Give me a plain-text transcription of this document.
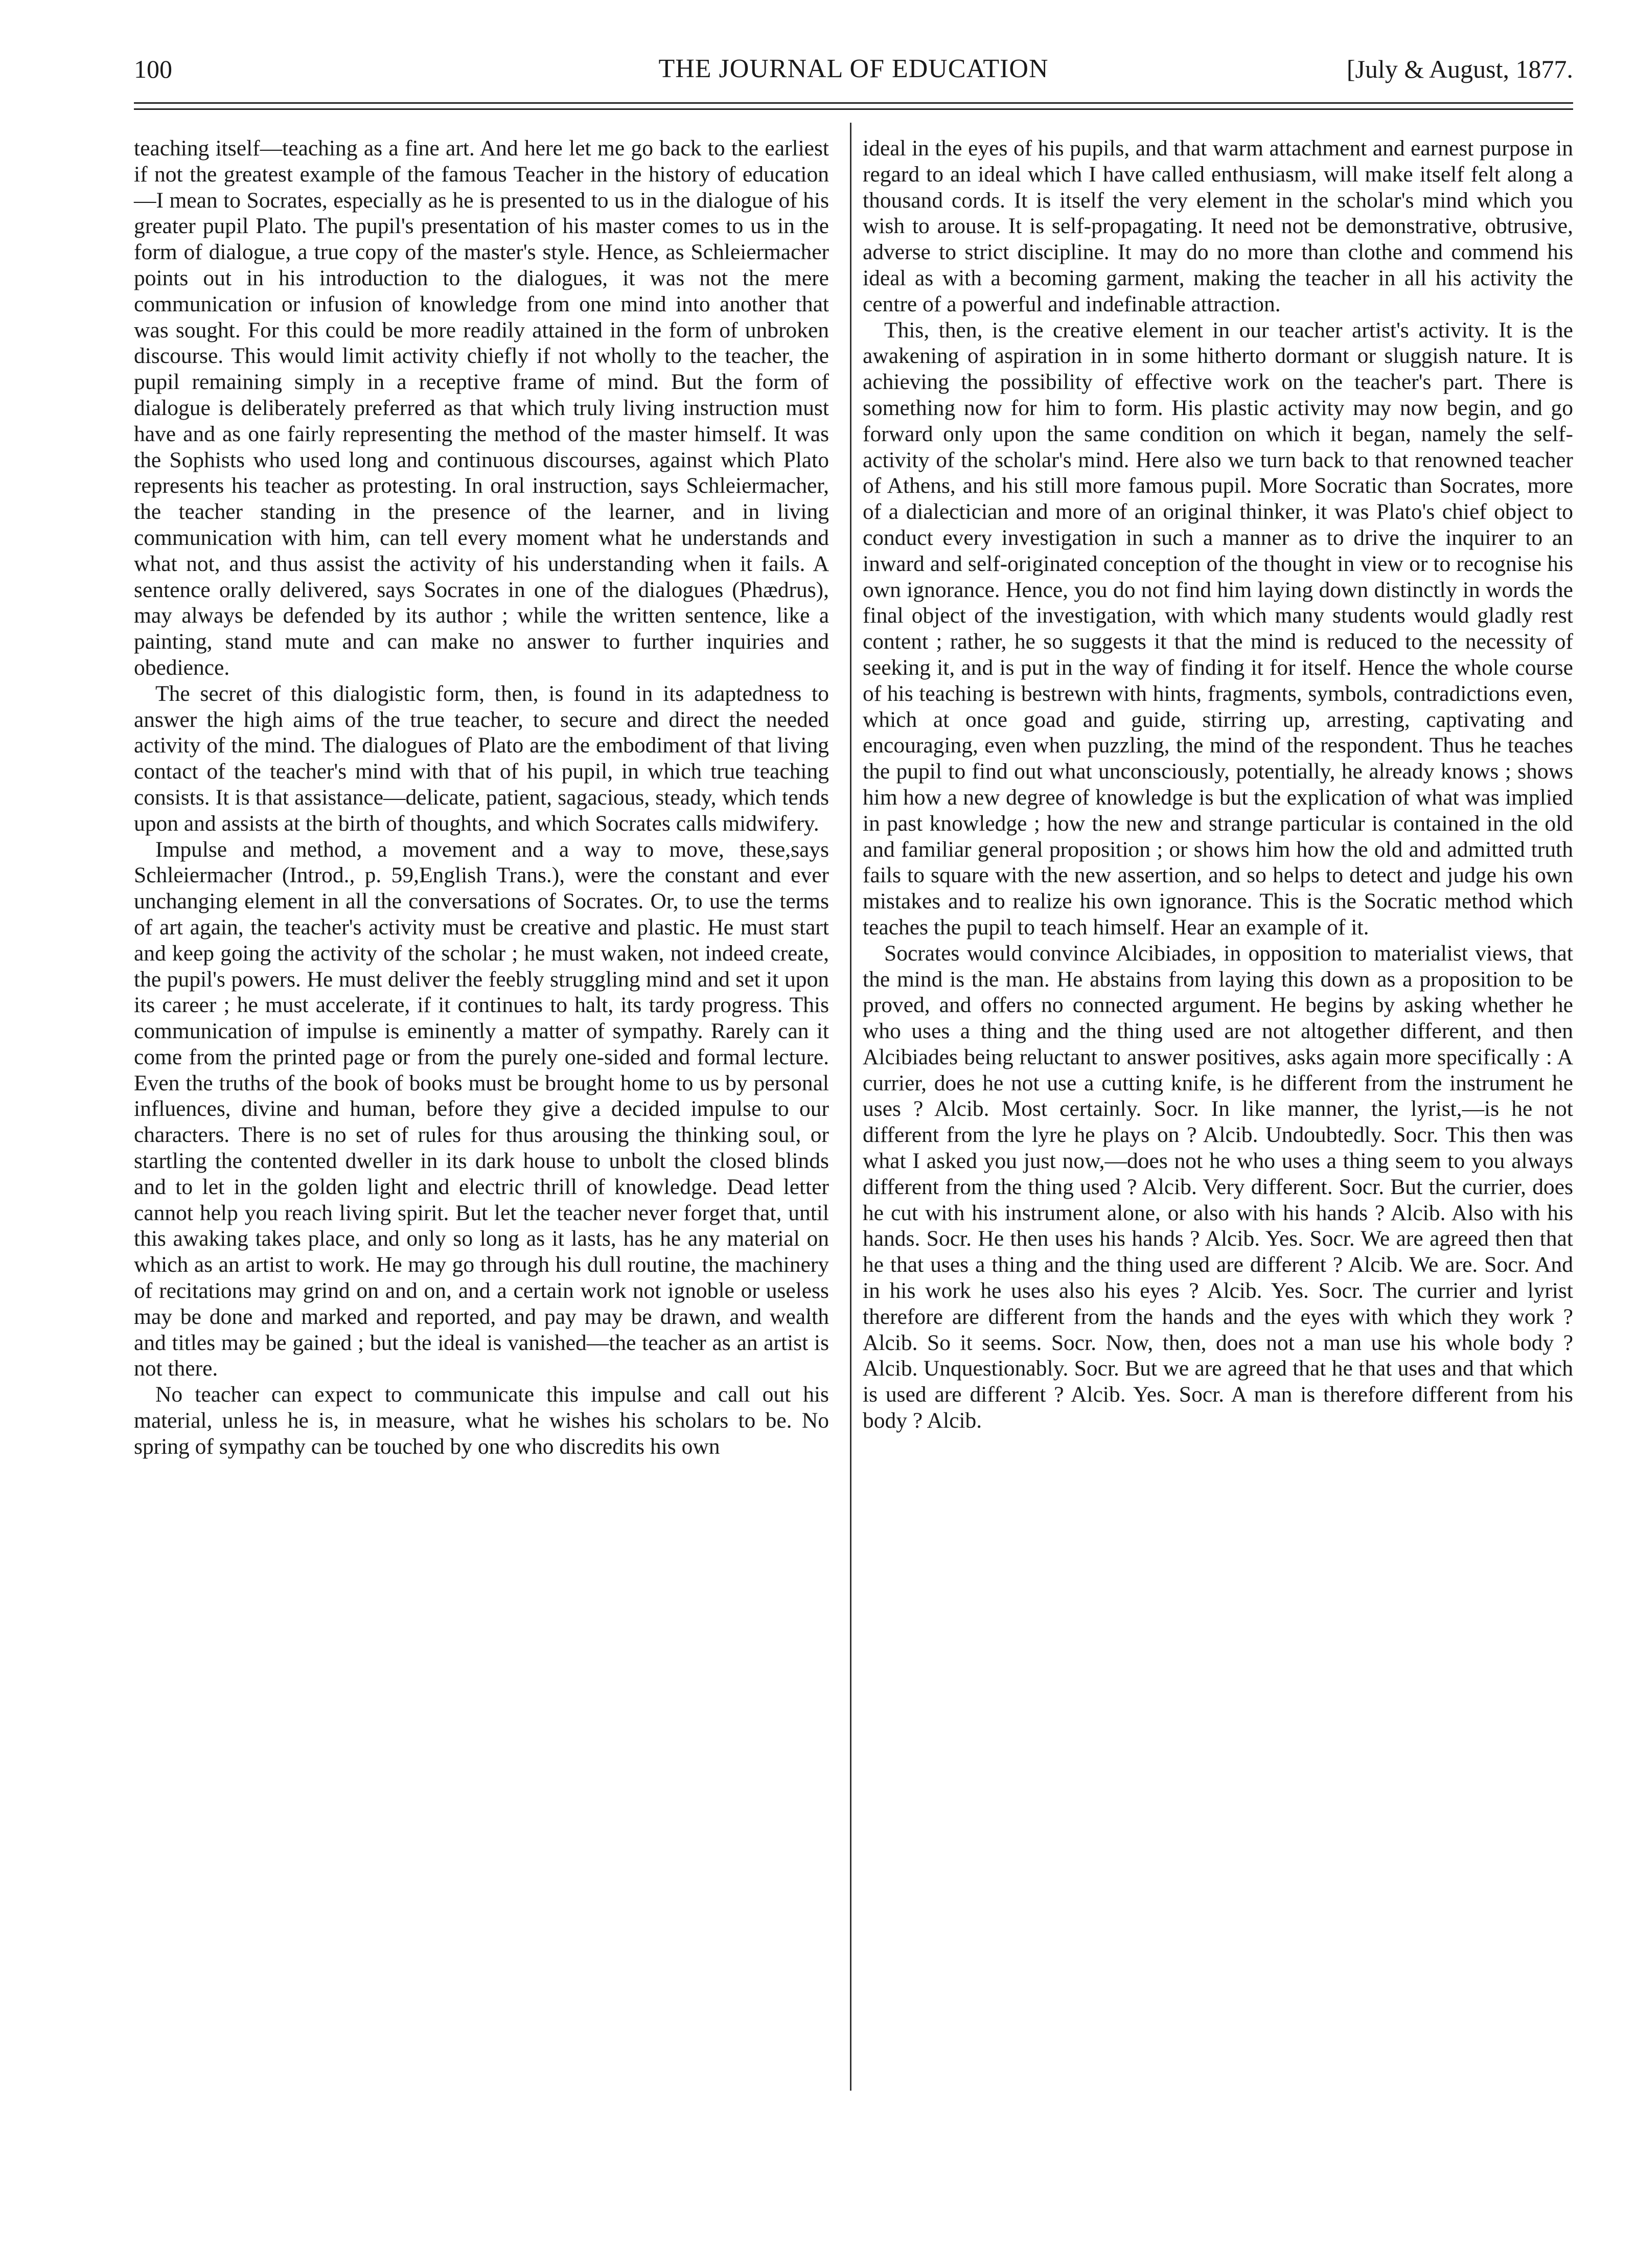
100	THE JOURNAL OF EDUCATION	[July & August, 1877.

teaching itself—teaching as a fine art. And here let me go back to the earliest if not the greatest example of the famous Teacher in the history of education—I mean to Socrates, especially as he is presented to us in the dialogue of his greater pupil Plato. The pupil's presentation of his master comes to us in the form of dialogue, a true copy of the master's style. Hence, as Schleiermacher points out in his introduction to the dialogues, it was not the mere communication or infusion of knowledge from one mind into another that was sought. For this could be more readily attained in the form of unbroken discourse. This would limit activity chiefly if not wholly to the teacher, the pupil remaining simply in a receptive frame of mind. But the form of dialogue is deliberately preferred as that which truly living instruction must have and as one fairly representing the method of the master himself. It was the Sophists who used long and continuous discourses, against which Plato represents his teacher as protesting. In oral instruction, says Schleiermacher, the teacher standing in the presence of the learner, and in living communication with him, can tell every moment what he understands and what not, and thus assist the activity of his understanding when it fails. A sentence orally delivered, says Socrates in one of the dialogues (Phædrus), may always be defended by its author ; while the written sentence, like a painting, stand mute and can make no answer to further inquiries and obedience.

The secret of this dialogistic form, then, is found in its adaptedness to answer the high aims of the true teacher, to secure and direct the needed activity of the mind. The dialogues of Plato are the embodiment of that living contact of the teacher's mind with that of his pupil, in which true teaching consists. It is that assistance—delicate, patient, sagacious, steady, which tends upon and assists at the birth of thoughts, and which Socrates calls midwifery.

Impulse and method, a movement and a way to move, these,says Schleiermacher (Introd., p. 59,English Trans.), were the constant and ever unchanging element in all the conversations of Socrates. Or, to use the terms of art again, the teacher's activity must be creative and plastic. He must start and keep going the activity of the scholar ; he must waken, not indeed create, the pupil's powers. He must deliver the feebly struggling mind and set it upon its career ; he must accelerate, if it continues to halt, its tardy progress. This communication of impulse is eminently a matter of sympathy. Rarely can it come from the printed page or from the purely one-sided and formal lecture. Even the truths of the book of books must be brought home to us by personal influences, divine and human, before they give a decided impulse to our characters. There is no set of rules for thus arousing the thinking soul, or startling the contented dweller in its dark house to unbolt the closed blinds and to let in the golden light and electric thrill of knowledge. Dead letter cannot help you reach living spirit. But let the teacher never forget that, until this awaking takes place, and only so long as it lasts, has he any material on which as an artist to work. He may go through his dull routine, the machinery of recitations may grind on and on, and a certain work not ignoble or useless may be done and marked and reported, and pay may be drawn, and wealth and titles may be gained ; but the ideal is vanished—the teacher as an artist is not there.

No teacher can expect to communicate this impulse and call out his material, unless he is, in measure, what he wishes his scholars to be. No spring of sympathy can be touched by one who discredits his own

ideal in the eyes of his pupils, and that warm attachment and earnest purpose in regard to an ideal which I have called enthusiasm, will make itself felt along a thousand cords. It is itself the very element in the scholar's mind which you wish to arouse. It is self-propagating. It need not be demonstrative, obtrusive, adverse to strict discipline. It may do no more than clothe and commend his ideal as with a becoming garment, making the teacher in all his activity the centre of a powerful and indefinable attraction.

This, then, is the creative element in our teacher artist's activity. It is the awakening of aspiration in in some hitherto dormant or sluggish nature. It is achieving the possibility of effective work on the teacher's part. There is something now for him to form. His plastic activity may now begin, and go forward only upon the same condition on which it began, namely the self-activity of the scholar's mind. Here also we turn back to that renowned teacher of Athens, and his still more famous pupil. More Socratic than Socrates, more of a dialectician and more of an original thinker, it was Plato's chief object to conduct every investigation in such a manner as to drive the inquirer to an inward and self-originated conception of the thought in view or to recognise his own ignorance. Hence, you do not find him laying down distinctly in words the final object of the investigation, with which many students would gladly rest content ; rather, he so suggests it that the mind is reduced to the necessity of seeking it, and is put in the way of finding it for itself. Hence the whole course of his teaching is bestrewn with hints, fragments, symbols, contradictions even, which at once goad and guide, stirring up, arresting, captivating and encouraging, even when puzzling, the mind of the respondent. Thus he teaches the pupil to find out what unconsciously, potentially, he already knows ; shows him how a new degree of knowledge is but the explication of what was implied in past knowledge ; how the new and strange particular is contained in the old and familiar general proposition ; or shows him how the old and admitted truth fails to square with the new assertion, and so helps to detect and judge his own mistakes and to realize his own ignorance. This is the Socratic method which teaches the pupil to teach himself. Hear an example of it.

Socrates would convince Alcibiades, in opposition to materialist views, that the mind is the man. He abstains from laying this down as a proposition to be proved, and offers no connected argument. He begins by asking whether he who uses a thing and the thing used are not altogether different, and then Alcibiades being reluctant to answer positives, asks again more specifically : A currier, does he not use a cutting knife, is he different from the instrument he uses ? Alcib. Most certainly. Socr. In like manner, the lyrist,—is he not different from the lyre he plays on ? Alcib. Undoubtedly. Socr. This then was what I asked you just now,—does not he who uses a thing seem to you always different from the thing used ? Alcib. Very different. Socr. But the currier, does he cut with his instrument alone, or also with his hands ? Alcib. Also with his hands. Socr. He then uses his hands ? Alcib. Yes. Socr. We are agreed then that he that uses a thing and the thing used are different ? Alcib. We are. Socr. And in his work he uses also his eyes ? Alcib. Yes. Socr. The currier and lyrist therefore are different from the hands and the eyes with which they work ? Alcib. So it seems. Socr. Now, then, does not a man use his whole body ? Alcib. Unquestionably. Socr. But we are agreed that he that uses and that which is used are different ? Alcib. Yes. Socr. A man is therefore different from his body ? Alcib.
